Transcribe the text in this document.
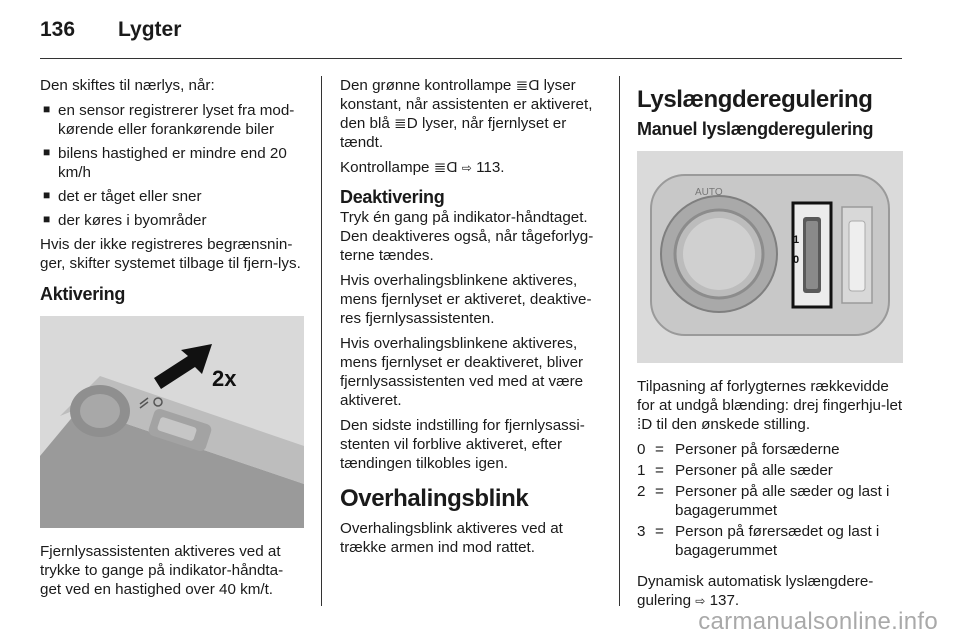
136 Lygter

Den skiftes til nærlys, når:

■ en sensor registrerer lyset fra mod-kørende eller forankørende biler
■ bilens hastighed er mindre end 20 km/h
■ det er tåget eller sner
■ der køres i byområder

Hvis der ikke registreres begrænsnin-ger, skifter systemet tilbage til fjern-lys.

Aktivering
2x

Fjernlysassistenten aktiveres ved at trykke to gange på indikator-håndta-get ved en hastighed over 40 km/t.

Den grønne kontrollampe ≣Ɑ lyser konstant, når assistenten er aktiveret, den blå ≣D lyser, når fjernlyset er tændt.

Kontrollampe ≣Ɑ ⇨ 113.

Deaktivering

Tryk én gang på indikator-håndtaget. Den deaktiveres også, når tågeforlyg-terne tændes.

Hvis overhalingsblinkene aktiveres, mens fjernlyset er aktiveret, deaktive-res fjernlysassistenten.

Hvis overhalingsblinkene aktiveres, mens fjernlyset er deaktiveret, bliver fjernlysassistenten ved med at være aktiveret.

Den sidste indstilling for fjernlysassi-stenten vil forblive aktiveret, efter tændingen tilkobles igen.

Overhalingsblink

Overhalingsblink aktiveres ved at trække armen ind mod rattet.

Lyslængderegulering
Manuel lyslængderegulering
AUTO
1
0

Tilpasning af forlygternes rækkevidde for at undgå blænding: drej fingerhju-let ⁞D til den ønskede stilling.

0	=	Personer på forsæderne
1	=	Personer på alle sæder
2	=	Personer på alle sæder og last i bagagerummet
3	=	Person på førersædet og last i bagagerummet

Dynamisk automatisk lyslængdere-gulering ⇨ 137.

carmanualsonline.info
